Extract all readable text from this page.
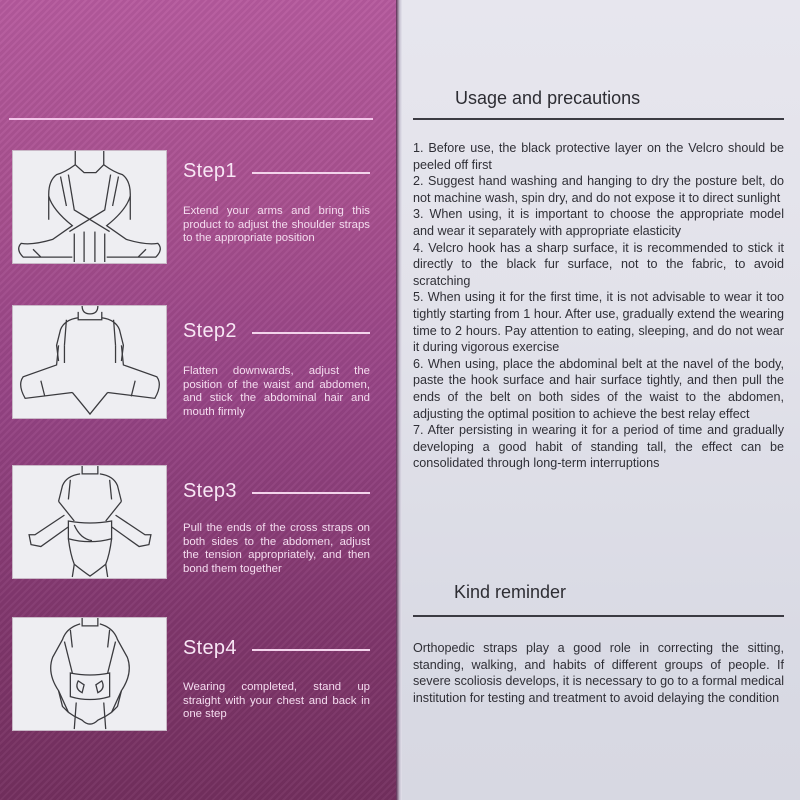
Step1
Extend your arms and bring this product to adjust the shoulder straps to the appropriate position
Step2
Flatten downwards, adjust the position of the waist and abdomen, and stick the abdominal hair and mouth firmly
Step3
Pull the ends of the cross straps on both sides to the abdomen, adjust the tension appropriately, and then bond them together
Step4
Wearing completed, stand up straight with your chest and back in one step
Usage and precautions

1. Before use, the black protective layer on the Velcro should be peeled off first

2. Suggest hand washing and hanging to dry the posture belt, do not machine wash, spin dry, and do not expose it to direct sunlight

3. When using, it is important to choose the appropriate model and wear it separately with appropriate elasticity

4. Velcro hook has a sharp surface, it is recommended to stick it directly to the black fur surface, not to the fabric, to avoid scratching

5. When using it for the first time, it is not advisable to wear it too tightly starting from 1 hour. After use, gradually extend the wearing time to 2 hours. Pay attention to eating, sleeping, and do not wear it during vigorous exercise

6. When using, place the abdominal belt at the navel of the body, paste the hook surface and hair surface tightly, and then pull the ends of the belt on both sides of the waist to the abdomen, adjusting the optimal position to achieve the best relay effect

7. After persisting in wearing it for a period of time and gradually developing a good habit of standing tall, the effect can be consolidated through long-term interruptions

Kind reminder

Orthopedic straps play a good role in correcting the sitting, standing, walking, and habits of different groups of people. If severe scoliosis develops, it is necessary to go to a formal medical institution for testing and treatment to avoid delaying the condition
